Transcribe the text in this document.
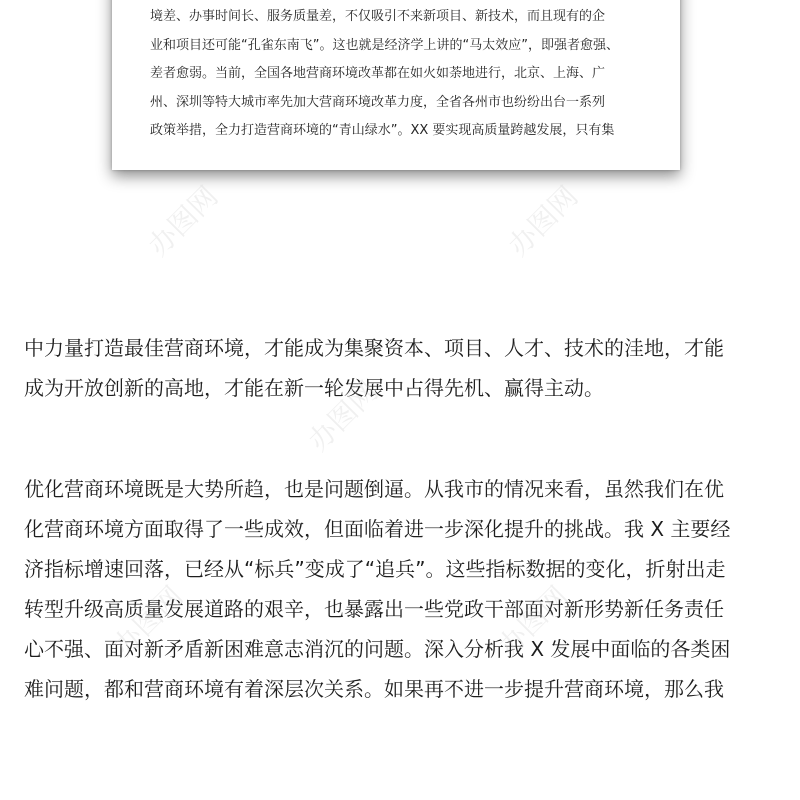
境差、办事时间长、服务质量差，不仅吸引不来新项目、新技术，而且现有的企
业和项目还可能“孔雀东南飞”。这也就是经济学上讲的“马太效应”，即强者愈强、
差者愈弱。当前，全国各地营商环境改革都在如火如荼地进行，北京、上海、广
州、深圳等特大城市率先加大营商环境改革力度，全省各州市也纷纷出台一系列
政策举措，全力打造营商环境的“青山绿水”。XX 要实现高质量跨越发展，只有集

中力量打造最佳营商环境，才能成为集聚资本、项目、人才、技术的洼地，才能
成为开放创新的高地，才能在新一轮发展中占得先机、赢得主动。

优化营商环境既是大势所趋，也是问题倒逼。从我市的情况来看，虽然我们在优
化营商环境方面取得了一些成效，但面临着进一步深化提升的挑战。我 X 主要经
济指标增速回落，已经从“标兵”变成了“追兵”。这些指标数据的变化，折射出走
转型升级高质量发展道路的艰辛，也暴露出一些党政干部面对新形势新任务责任
心不强、面对新矛盾新困难意志消沉的问题。深入分析我 X 发展中面临的各类困
难问题，都和营商环境有着深层次关系。如果再不进一步提升营商环境，那么我

办图网	办图网
办图网
办图网	办图网
